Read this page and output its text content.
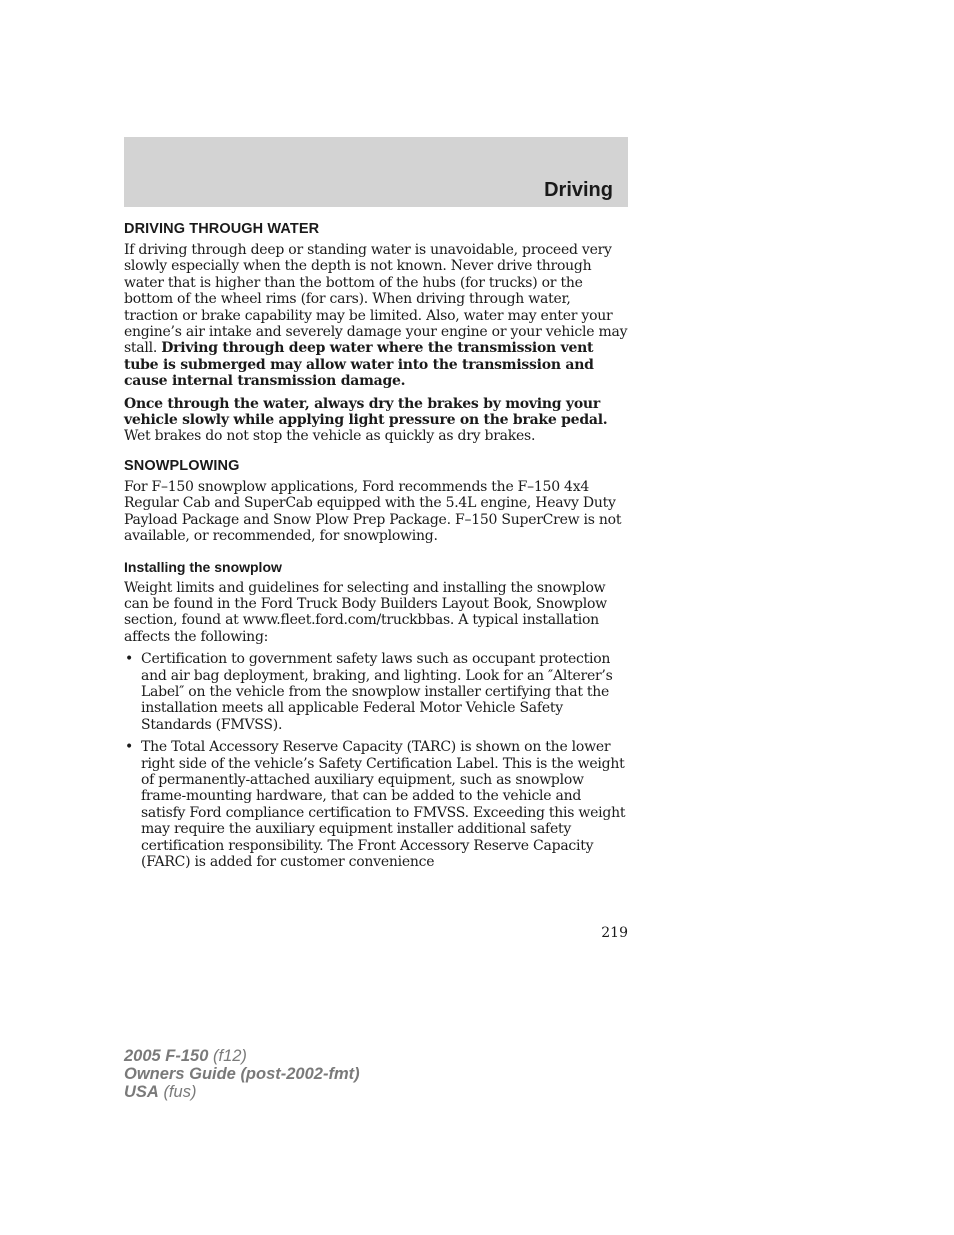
Driving
DRIVING THROUGH WATER

If driving through deep or standing water is unavoidable, proceed very slowly especially when the depth is not known. Never drive through water that is higher than the bottom of the hubs (for trucks) or the bottom of the wheel rims (for cars). When driving through water, traction or brake capability may be limited. Also, water may enter your engine’s air intake and severely damage your engine or your vehicle may stall. Driving through deep water where the transmission vent tube is submerged may allow water into the transmission and cause internal transmission damage.

Once through the water, always dry the brakes by moving your vehicle slowly while applying light pressure on the brake pedal. Wet brakes do not stop the vehicle as quickly as dry brakes.

SNOWPLOWING

For F–150 snowplow applications, Ford recommends the F–150 4x4 Regular Cab and SuperCab equipped with the 5.4L engine, Heavy Duty Payload Package and Snow Plow Prep Package. F–150 SuperCrew is not available, or recommended, for snowplowing.

Installing the snowplow

Weight limits and guidelines for selecting and installing the snowplow can be found in the Ford Truck Body Builders Layout Book, Snowplow section, found at www.fleet.ford.com/truckbbas. A typical installation affects the following:

• Certification to government safety laws such as occupant protection and air bag deployment, braking, and lighting. Look for an ″Alterer’s Label″ on the vehicle from the snowplow installer certifying that the installation meets all applicable Federal Motor Vehicle Safety Standards (FMVSS).
• The Total Accessory Reserve Capacity (TARC) is shown on the lower right side of the vehicle’s Safety Certification Label. This is the weight of permanently-attached auxiliary equipment, such as snowplow frame-mounting hardware, that can be added to the vehicle and satisfy Ford compliance certification to FMVSS. Exceeding this weight may require the auxiliary equipment installer additional safety certification responsibility. The Front Accessory Reserve Capacity (FARC) is added for customer convenience
219
2005 F-150 (f12)
Owners Guide (post-2002-fmt)
USA (fus)
